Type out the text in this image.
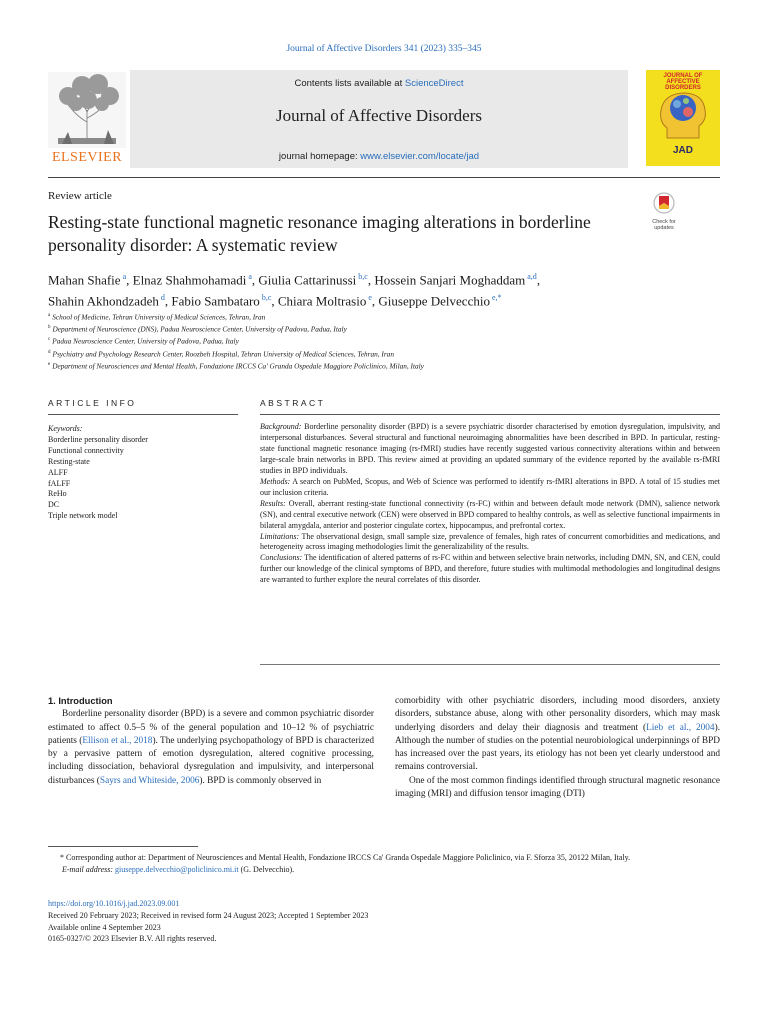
Journal of Affective Disorders 341 (2023) 335–345
ELSEVIER
Contents lists available at ScienceDirect
Journal of Affective Disorders
journal homepage: www.elsevier.com/locate/jad
JOURNAL OF AFFECTIVE DISORDERS
JAD
Review article
Resting-state functional magnetic resonance imaging alterations in borderline personality disorder: A systematic review
Check for updates
Mahan Shafie $^a$, Elnaz Shahmohamadi $^a$, Giulia Cattarinussi $^{b,c}$, Hossein Sanjari Moghaddam $^{a,d}$,
Shahin Akhondzadeh $^d$, Fabio Sambataro $^{b,c}$, Chiara Moltrasio $^e$, Giuseppe Delvecchio $^{e,*}$
$^a$ School of Medicine, Tehran University of Medical Sciences, Tehran, Iran
$^b$ Department of Neuroscience (DNS), Padua Neuroscience Center, University of Padova, Padua, Italy
$^c$ Padua Neuroscience Center, University of Padova, Padua, Italy
$^d$ Psychiatry and Psychology Research Center, Roozbeh Hospital, Tehran University of Medical Sciences, Tehran, Iran
$^e$ Department of Neurosciences and Mental Health, Fondazione IRCCS Ca' Granda Ospedale Maggiore Policlinico, Milan, Italy
ARTICLE INFO	ABSTRACT
Keywords:
Borderline personality disorder
Functional connectivity
Resting-state
ALFF
fALFF
ReHo
DC
Triple network model

Background: Borderline personality disorder (BPD) is a severe psychiatric disorder characterised by emotion dysregulation, impulsivity, and interpersonal disturbances. Several structural and functional neuroimaging abnormalities have been described in BPD. In particular, resting-state functional magnetic resonance imaging (rs-fMRI) studies have recently suggested various connectivity alterations within and between large-scale brain networks in BPD. This review aimed at providing an updated summary of the evidence reported by the available rs-fMRI studies in BPD individuals.

Methods: A search on PubMed, Scopus, and Web of Science was performed to identify rs-fMRI alterations in BPD. A total of 15 studies met our inclusion criteria.

Results: Overall, aberrant resting-state functional connectivity (rs-FC) within and between default mode network (DMN), salience network (SN), and central executive network (CEN) were observed in BPD compared to healthy controls, as well as selective functional impairments in bilateral amygdala, anterior and posterior cingulate cortex, hippocampus, and prefrontal cortex.

Limitations: The observational design, small sample size, prevalence of females, high rates of concurrent comorbidities and medications, and heterogeneity across imaging methodologies limit the generalizability of the results.

Conclusions: The identification of altered patterns of rs-FC within and between selective brain networks, including DMN, SN, and CEN, could further our knowledge of the clinical symptoms of BPD, and therefore, future studies with multimodal methodologies and longitudinal designs are warranted to further explore the neural correlates of this disorder.

1. Introduction

Borderline personality disorder (BPD) is a severe and common psychiatric disorder estimated to affect 0.5–5 % of the general population and 10–12 % of psychiatric patients (Ellison et al., 2018). The underlying psychopathology of BPD is characterized by a pervasive pattern of emotion dysregulation, altered cognitive processing, including dissociation, behavioral dysregulation and impulsivity, and interpersonal disturbances (Sayrs and Whiteside, 2006). BPD is commonly observed in

comorbidity with other psychiatric disorders, including mood disorders, anxiety disorders, substance abuse, along with other personality disorders, which may mask underlying disorders and delay their diagnosis and treatment (Lieb et al., 2004). Although the number of studies on the potential neurobiological underpinnings of BPD has increased over the past years, its etiology has not been yet clearly understood and remains controversial.

One of the most common findings identified through structural magnetic resonance imaging (MRI) and diffusion tensor imaging (DTI)

* Corresponding author at: Department of Neurosciences and Mental Health, Fondazione IRCCS Ca' Granda Ospedale Maggiore Policlinico, via F. Sforza 35, 20122 Milan, Italy.

E-mail address: giuseppe.delvecchio@policlinico.mi.it (G. Delvecchio).

https://doi.org/10.1016/j.jad.2023.09.001

Received 20 February 2023; Received in revised form 24 August 2023; Accepted 1 September 2023

Available online 4 September 2023

0165-0327/© 2023 Elsevier B.V. All rights reserved.
